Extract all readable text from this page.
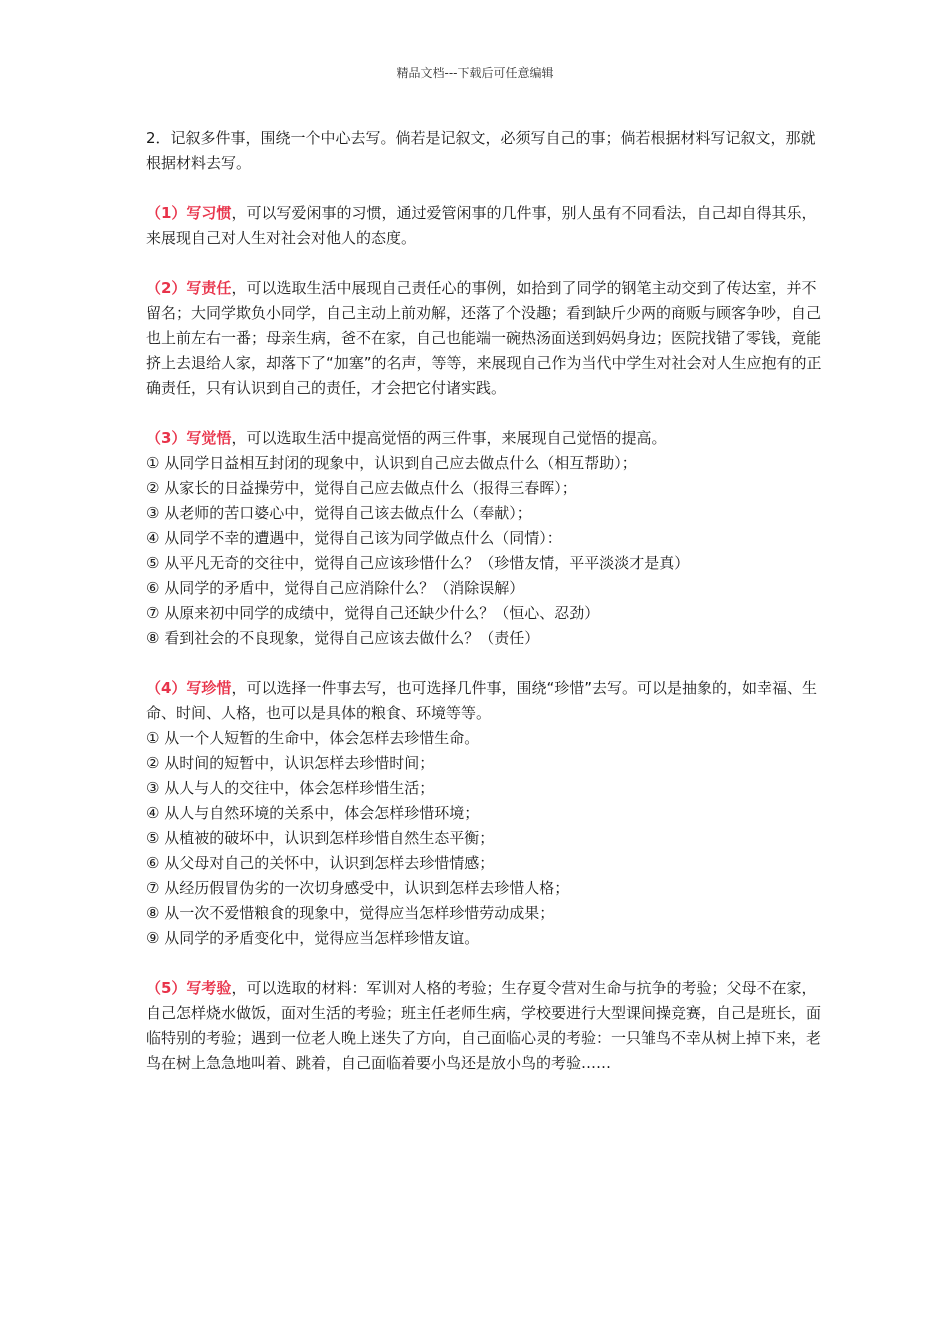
精品文档---下载后可任意编辑

2．记叙多件事，围绕一个中心去写。倘若是记叙文，必须写自己的事；倘若根据材料写记叙文，那就根据材料去写。

（1）写习惯，可以写爱闲事的习惯，通过爱管闲事的几件事，别人虽有不同看法，自己却自得其乐，来展现自己对人生对社会对他人的态度。

（2）写责任，可以选取生活中展现自己责任心的事例，如拾到了同学的钢笔主动交到了传达室，并不留名；大同学欺负小同学，自己主动上前劝解，还落了个没趣；看到缺斤少两的商贩与顾客争吵，自己也上前左右一番；母亲生病，爸不在家，自己也能端一碗热汤面送到妈妈身边；医院找错了零钱，竟能挤上去退给人家，却落下了“加塞”的名声，等等，来展现自己作为当代中学生对社会对人生应抱有的正确责任，只有认识到自己的责任，才会把它付诸实践。

（3）写觉悟，可以选取生活中提高觉悟的两三件事，来展现自己觉悟的提高。

① 从同学日益相互封闭的现象中，认识到自己应去做点什么（相互帮助）；

② 从家长的日益操劳中，觉得自己应去做点什么（报得三春晖）；

③ 从老师的苦口婆心中，觉得自己该去做点什么（奉献）；

④ 从同学不幸的遭遇中，觉得自己该为同学做点什么（同情）：

⑤ 从平凡无奇的交往中，觉得自己应该珍惜什么？（珍惜友情，平平淡淡才是真）

⑥ 从同学的矛盾中，觉得自己应消除什么？（消除误解）

⑦ 从原来初中同学的成绩中，觉得自己还缺少什么？（恒心、忍劲）

⑧ 看到社会的不良现象，觉得自己应该去做什么？（责任）

（4）写珍惜，可以选择一件事去写，也可选择几件事，围绕“珍惜”去写。可以是抽象的，如幸福、生命、时间、人格，也可以是具体的粮食、环境等等。

① 从一个人短暂的生命中，体会怎样去珍惜生命。

② 从时间的短暂中，认识怎样去珍惜时间；

③ 从人与人的交往中，体会怎样珍惜生活；

④ 从人与自然环境的关系中，体会怎样珍惜环境；

⑤ 从植被的破坏中，认识到怎样珍惜自然生态平衡；

⑥ 从父母对自己的关怀中，认识到怎样去珍惜情感；

⑦ 从经历假冒伪劣的一次切身感受中，认识到怎样去珍惜人格；

⑧ 从一次不爱惜粮食的现象中，觉得应当怎样珍惜劳动成果；

⑨ 从同学的矛盾变化中，觉得应当怎样珍惜友谊。

（5）写考验，可以选取的材料：军训对人格的考验；生存夏令营对生命与抗争的考验；父母不在家，自己怎样烧水做饭，面对生活的考验；班主任老师生病，学校要进行大型课间操竞赛，自己是班长，面临特别的考验；遇到一位老人晚上迷失了方向，自己面临心灵的考验：一只雏鸟不幸从树上掉下来，老鸟在树上急急地叫着、跳着，自己面临着要小鸟还是放小鸟的考验……
